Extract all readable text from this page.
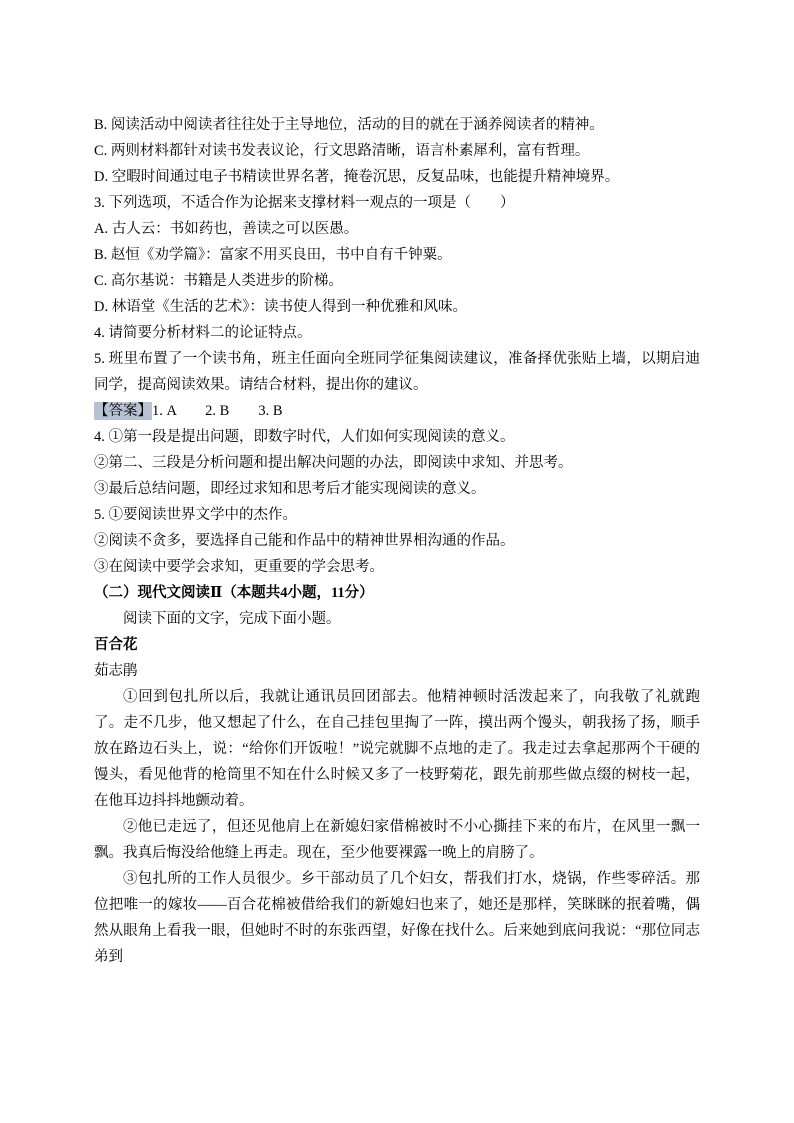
B. 阅读活动中阅读者往往处于主导地位，活动的目的就在于涵养阅读者的精神。

C. 两则材料都针对读书发表议论，行文思路清晰，语言朴素犀利，富有哲理。

D. 空暇时间通过电子书精读世界名著，掩卷沉思，反复品味，也能提升精神境界。

3. 下列选项，不适合作为论据来支撑材料一观点的一项是（　　）

A. 古人云：书如药也，善读之可以医愚。

B. 赵恒《劝学篇》：富家不用买良田，书中自有千钟粟。

C. 高尔基说：书籍是人类进步的阶梯。

D. 林语堂《生活的艺术》：读书使人得到一种优雅和风味。

4. 请简要分析材料二的论证特点。

5. 班里布置了一个读书角，班主任面向全班同学征集阅读建议，准备择优张贴上墙，以期启迪同学，提高阅读效果。请结合材料，提出你的建议。

【答案】1. A　　2. B　　3. B

4. ①第一段是提出问题，即数字时代，人们如何实现阅读的意义。

②第二、三段是分析问题和提出解决问题的办法，即阅读中求知、并思考。

③最后总结问题，即经过求知和思考后才能实现阅读的意义。

5. ①要阅读世界文学中的杰作。

②阅读不贪多，要选择自己能和作品中的精神世界相沟通的作品。

③在阅读中要学会求知，更重要的学会思考。

（二）现代文阅读Ⅱ（本题共4小题，11分）

阅读下面的文字，完成下面小题。

百合花

茹志鹃

①回到包扎所以后，我就让通讯员回团部去。他精神顿时活泼起来了，向我敬了礼就跑了。走不几步，他又想起了什么，在自己挂包里掏了一阵，摸出两个馒头，朝我扬了扬，顺手放在路边石头上，说：“给你们开饭啦！”说完就脚不点地的走了。我走过去拿起那两个干硬的馒头，看见他背的枪筒里不知在什么时候又多了一枝野菊花，跟先前那些做点缀的树枝一起，在他耳边抖抖地颤动着。

②他已走远了，但还见他肩上在新媳妇家借棉被时不小心撕挂下来的布片，在风里一飘一飘。我真后悔没给他缝上再走。现在，至少他要裸露一晚上的肩膀了。

③包扎所的工作人员很少。乡干部动员了几个妇女，帮我们打水，烧锅，作些零碎活。那位把唯一的嫁妆——百合花棉被借给我们的新媳妇也来了，她还是那样，笑眯眯的抿着嘴，偶然从眼角上看我一眼，但她时不时的东张西望，好像在找什么。后来她到底问我说：“那位同志弟到
